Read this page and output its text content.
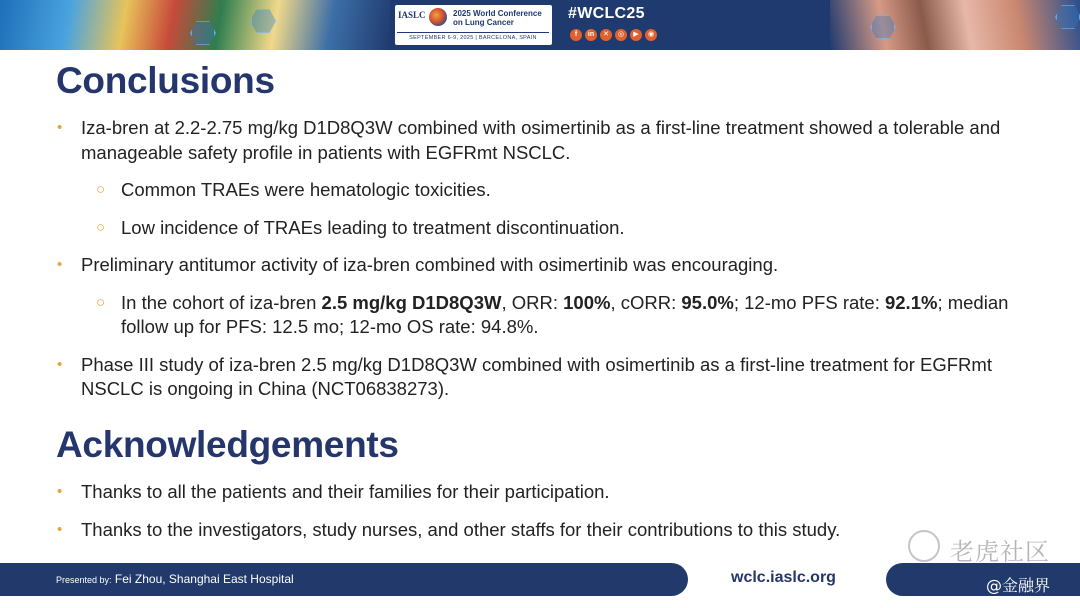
IASLC	2025 World Conference on Lung Cancer
SEPTEMBER 6-9, 2025 | BARCELONA, SPAIN
#WCLC25
f	in	✕	◎	▶	◉
Conclusions
• Iza-bren at 2.2-2.75 mg/kg D1D8Q3W combined with osimertinib as a first-line treatment showed a tolerable and manageable safety profile in patients with EGFRmt NSCLC.
○ Common TRAEs were hematologic toxicities.
○ Low incidence of TRAEs leading to treatment discontinuation.
• Preliminary antitumor activity of iza-bren combined with osimertinib was encouraging.
○ In the cohort of iza-bren 2.5 mg/kg D1D8Q3W, ORR: 100%, cORR: 95.0%; 12-mo PFS rate: 92.1%; median follow up for PFS: 12.5 mo; 12-mo OS rate: 94.8%.
• Phase III study of iza-bren 2.5 mg/kg D1D8Q3W combined with osimertinib as a first-line treatment for EGFRmt NSCLC is ongoing in China (NCT06838273).
Acknowledgements
• Thanks to all the patients and their families for their participation.
• Thanks to the investigators, study nurses, and other staffs for their contributions to this study.
Presented by: Fei Zhou, Shanghai East Hospital	wclc.iaslc.org
老虎社区
@金融界
